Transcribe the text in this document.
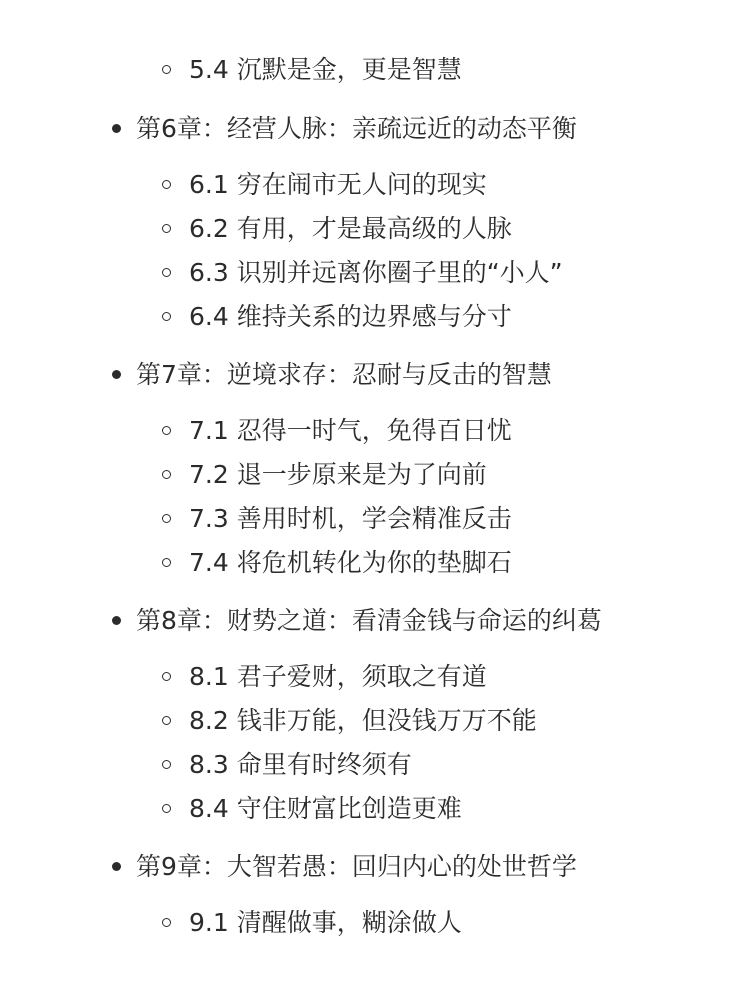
5.4 沉默是金，更是智慧
第6章：经营人脉：亲疏远近的动态平衡
6.1 穷在闹市无人问的现实
6.2 有用，才是最高级的人脉
6.3 识别并远离你圈子里的“小人”
6.4 维持关系的边界感与分寸
第7章：逆境求存：忍耐与反击的智慧
7.1 忍得一时气，免得百日忧
7.2 退一步原来是为了向前
7.3 善用时机，学会精准反击
7.4 将危机转化为你的垫脚石
第8章：财势之道：看清金钱与命运的纠葛
8.1 君子爱财，须取之有道
8.2 钱非万能，但没钱万万不能
8.3 命里有时终须有
8.4 守住财富比创造更难
第9章：大智若愚：回归内心的处世哲学
9.1 清醒做事，糊涂做人
